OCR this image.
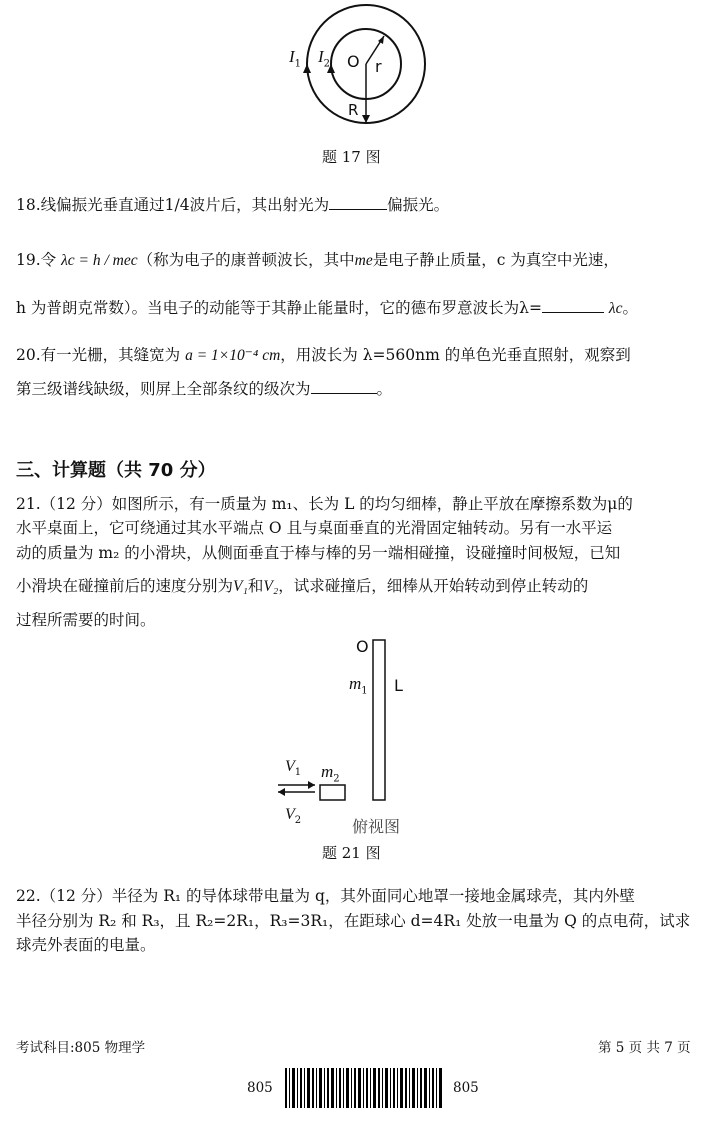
$I_1$ $I_2$ O r
R
题 17 图
18.线偏振光垂直通过1/4波片后，其出射光为	偏振光。
19.令 λc = h / mec（称为电子的康普顿波长，其中me是电子静止质量，c 为真空中光速，
h 为普朗克常数）。当电子的动能等于其静止能量时，它的德布罗意波长为λ=	λc。
20.有一光栅，其缝宽为 a = 1×10⁻⁴ cm，用波长为 λ=560nm 的单色光垂直照射，观察到
第三级谱线缺级，则屏上全部条纹的级次为	。
三、计算题（共 70 分）
21.（12 分）如图所示，有一质量为 m₁、长为 L 的均匀细棒，静止平放在摩擦系数为μ的
水平桌面上，它可绕通过其水平端点 O 且与桌面垂直的光滑固定轴转动。另有一水平运
动的质量为 m₂ 的小滑块，从侧面垂直于棒与棒的另一端相碰撞，设碰撞时间极短，已知
小滑块在碰撞前后的速度分别为V₁和V₂，试求碰撞后，细棒从开始转动到停止转动的
过程所需要的时间。
O
$m_1$ L
$V_1$ $m_2$
$V_2$	俯视图
题 21 图
22.（12 分）半径为 R₁ 的导体球带电量为 q，其外面同心地罩一接地金属球壳，其内外壁
半径分别为 R₂ 和 R₃，且 R₂=2R₁，R₃=3R₁，在距球心 d=4R₁ 处放一电量为 Q 的点电荷，试求
球壳外表面的电量。
考试科目:805 物理学	第 5 页 共 7 页
805	805
